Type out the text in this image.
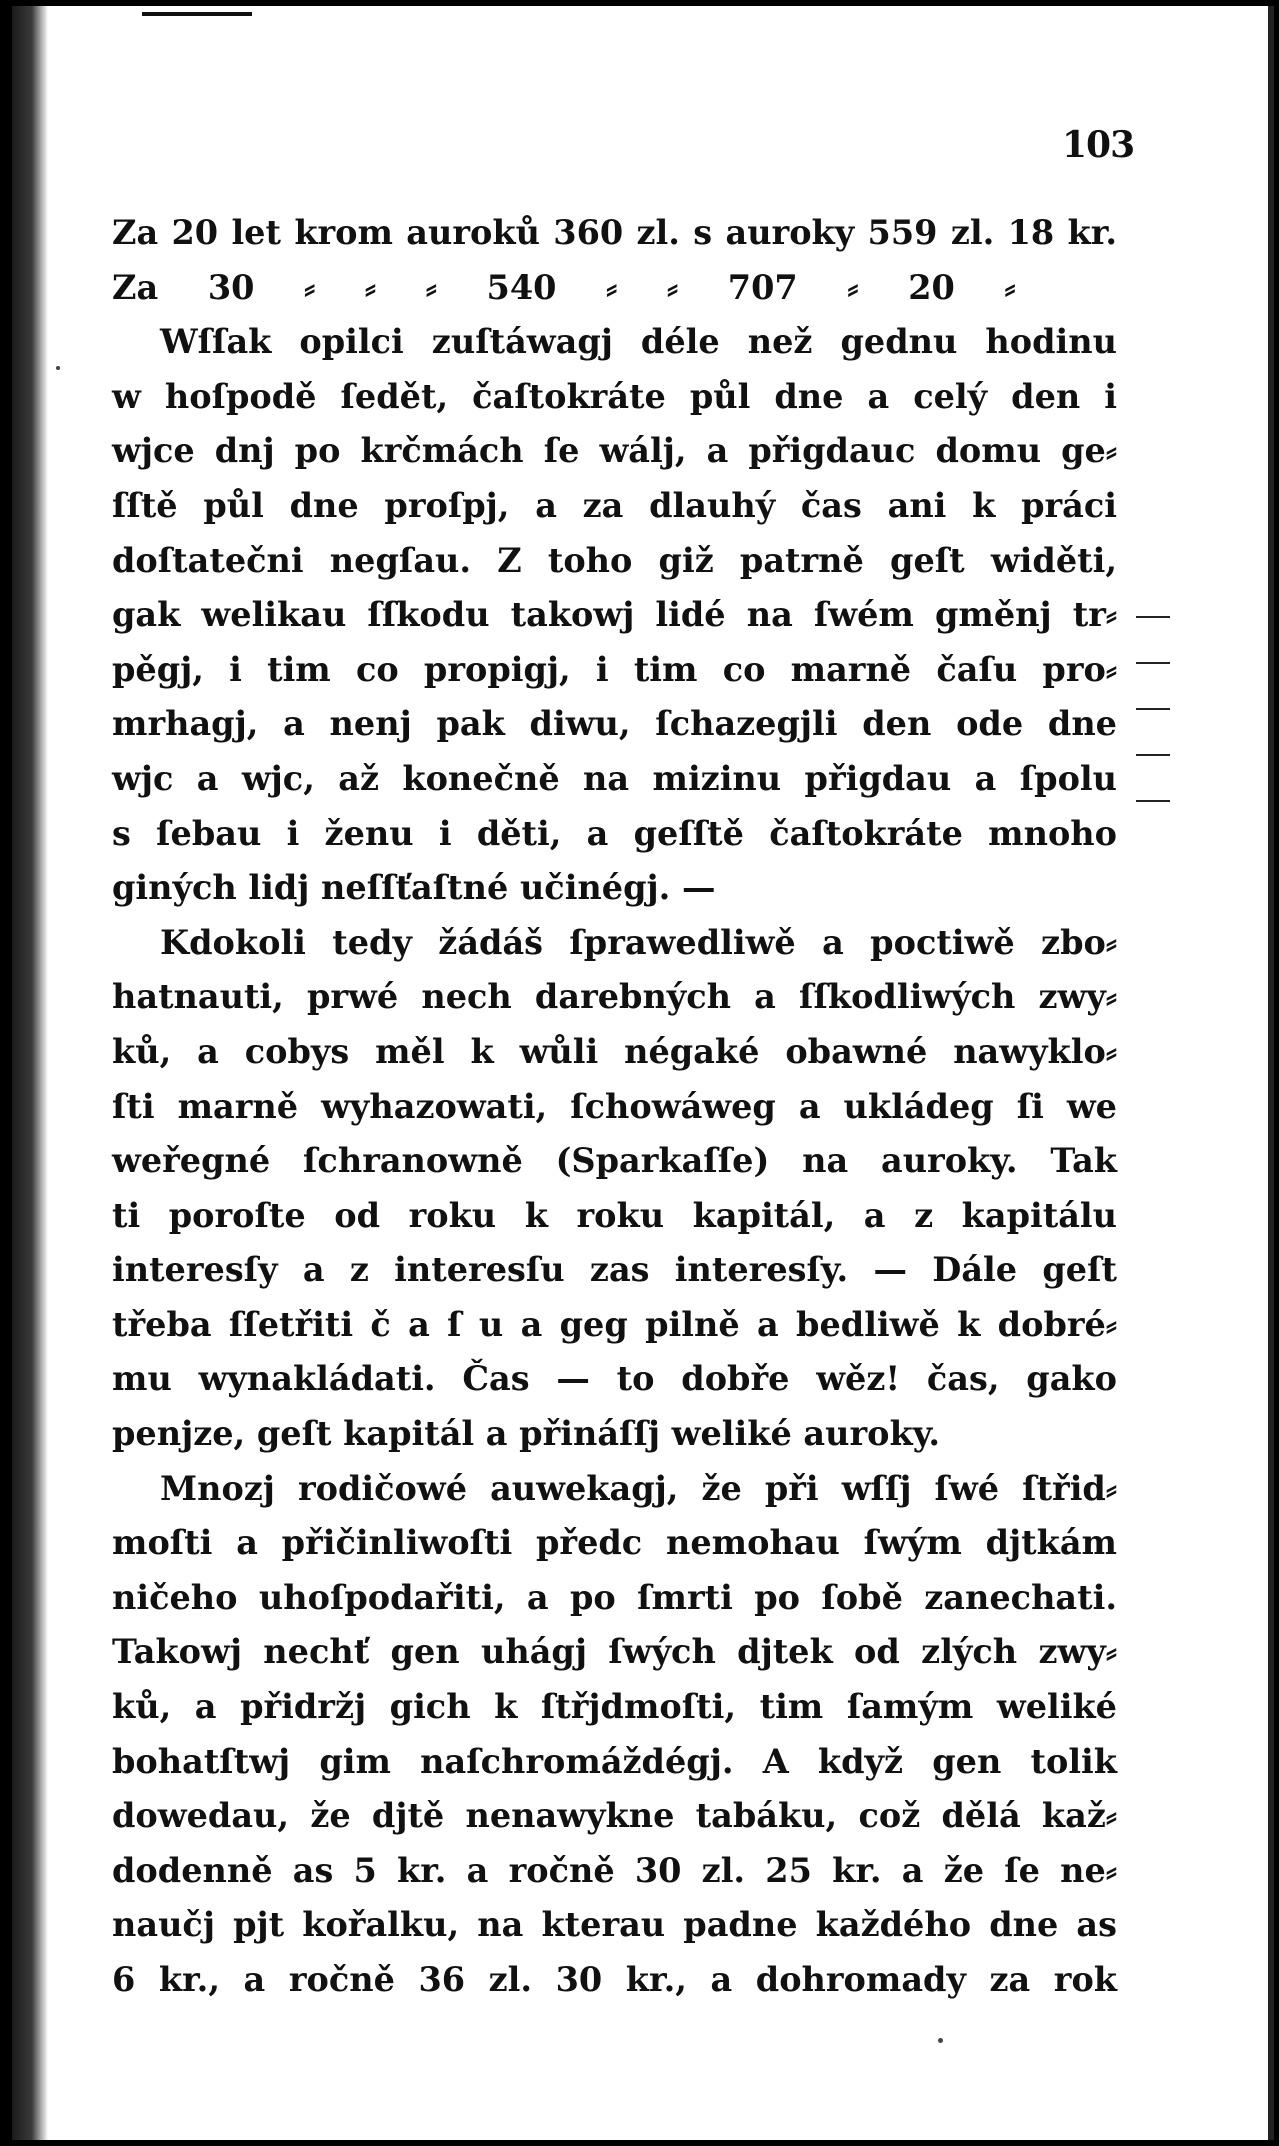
103
Za 20 let krom auroků 360 zl. s auroky 559 zl. 18 kr.
Za 30 ⸗ ⸗ ⸗ 540 ⸗ ⸗ 707 ⸗ 20 ⸗
Wſſak opilci zuſtáwagj déle než gednu hodinu
w hoſpodě ſedět, čaſtokráte půl dne a celý den i
wjce dnj po krčmách ſe wálj, a přigdauc domu ge⸗
ſſtě půl dne proſpj, a za dlauhý čas ani k práci
doſtatečni negſau. Z toho giž patrně geſt widěti,
gak welikau ſſkodu takowj lidé na ſwém gměnj tr⸗
pěgj, i tim co propigj, i tim co marně čaſu pro⸗
mrhagj, a nenj pak diwu, ſchazegjli den ode dne
wjc a wjc, až konečně na mizinu přigdau a ſpolu
s ſebau i ženu i děti, a geſſtě čaſtokráte mnoho
giných lidj neſſťaſtné učinégj. —
Kdokoli tedy žádáš ſprawedliwě a poctiwě zbo⸗
hatnauti, prwé nech darebných a ſſkodliwých zwy⸗
ků, a cobys měl k wůli négaké obawné nawyklo⸗
ſti marně wyhazowati, ſchowáweg a ukládeg ſi we
weřegné ſchranowně (Sparkaſſe) na auroky. Tak
ti poroſte od roku k roku kapitál, a z kapitálu
interesſy a z interesſu zas interesſy. — Dále geſt
třeba ſſetřiti č a ſ u a geg pilně a bedliwě k dobré⸗
mu wynakládati. Čas — to dobře wěz! čas, gako
penjze, geſt kapitál a přináſſj weliké auroky.
Mnozj rodičowé auwekagj, že při wſſj ſwé ſtřid⸗
moſti a přičinliwoſti předc nemohau ſwým djtkám
ničeho uhoſpodařiti, a po ſmrti po ſobě zanechati.
Takowj nechť gen uhágj ſwých djtek od zlých zwy⸗
ků, a přidržj gich k ſtřjdmoſti, tim ſamým weliké
bohatſtwj gim naſchromáždégj. A když gen tolik
dowedau, že djtě nenawykne tabáku, což dělá kaž⸗
dodenně as 5 kr. a ročně 30 zl. 25 kr. a že ſe ne⸗
naučj pjt kořalku, na kterau padne každého dne as
6 kr., a ročně 36 zl. 30 kr., a dohromady za rok
